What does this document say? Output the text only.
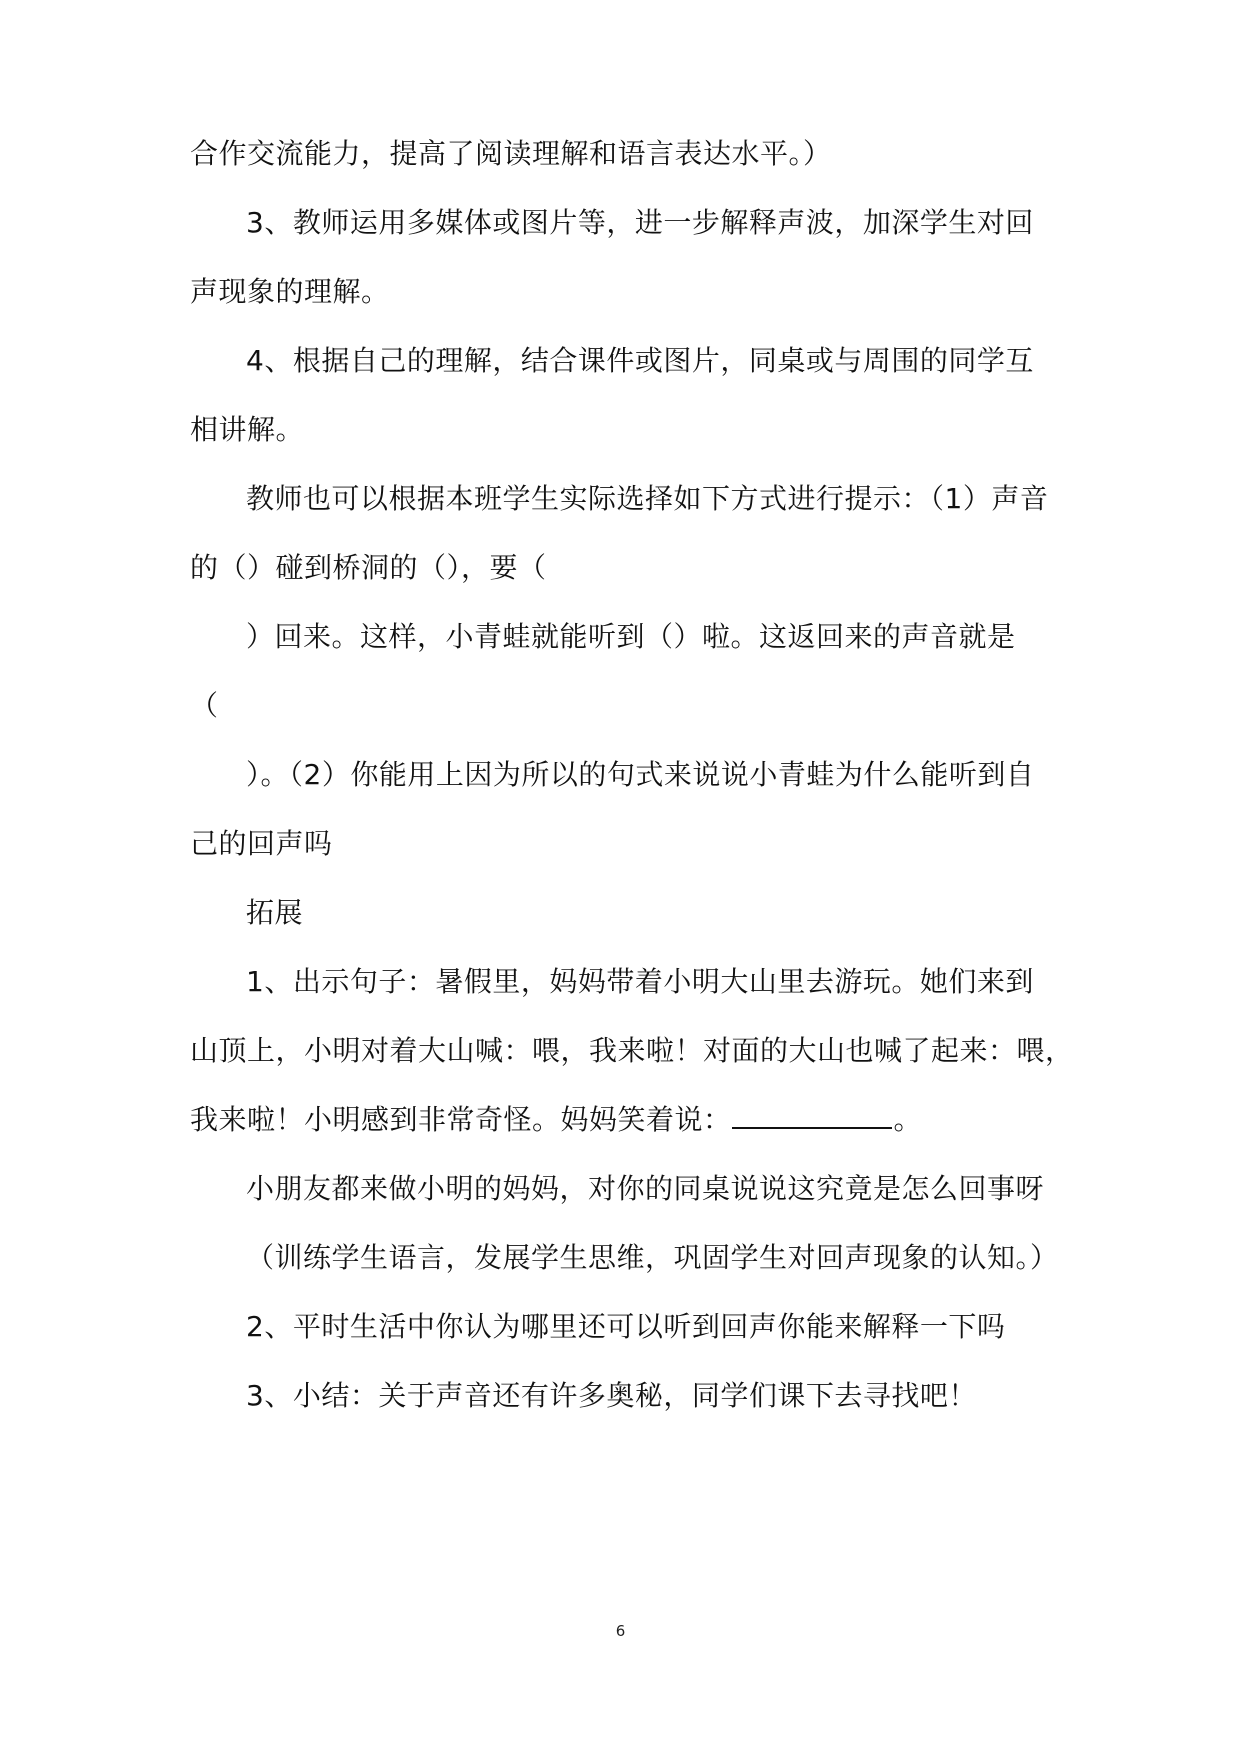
合作交流能力，提高了阅读理解和语言表达水平。）
3、教师运用多媒体或图片等，进一步解释声波，加深学生对回
声现象的理解。
4、根据自己的理解，结合课件或图片，同桌或与周围的同学互
相讲解。
教师也可以根据本班学生实际选择如下方式进行提示：（1）声音
的（）碰到桥洞的（），要（
）回来。这样，小青蛙就能听到（）啦。这返回来的声音就是
（
）。（2）你能用上因为所以的句式来说说小青蛙为什么能听到自
己的回声吗
拓展
1、出示句子：暑假里，妈妈带着小明大山里去游玩。她们来到
山顶上，小明对着大山喊：喂，我来啦！对面的大山也喊了起来：喂，
我来啦！小明感到非常奇怪。妈妈笑着说：	。
小朋友都来做小明的妈妈，对你的同桌说说这究竟是怎么回事呀
（训练学生语言，发展学生思维，巩固学生对回声现象的认知。）
2、平时生活中你认为哪里还可以听到回声你能来解释一下吗
3、小结：关于声音还有许多奥秘，同学们课下去寻找吧！
6
